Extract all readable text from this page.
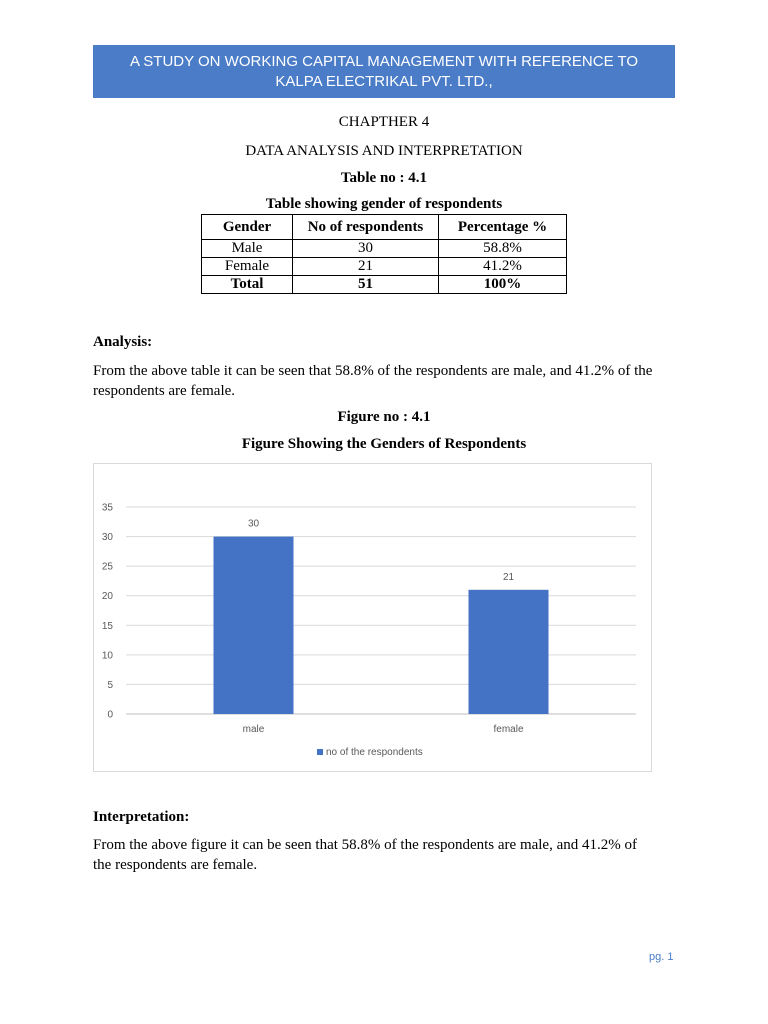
A STUDY ON WORKING CAPITAL MANAGEMENT WITH REFERENCE TO
KALPA ELECTRIKAL PVT. LTD.,
CHAPTHER 4
DATA ANALYSIS AND INTERPRETATION
Table no : 4.1
Table showing gender of respondents
Gender	No of respondents	Percentage %
Male	30	58.8%
Female	21	41.2%
Total	51	100%
Analysis:
From the above table it can be seen that 58.8% of the respondents are male, and 41.2% of the
respondents are female.
Figure no : 4.1
Figure Showing the Genders of Respondents
0
5
10
15
20
25
30
35
30
male
21
female
no of the respondents
Interpretation:
From the above figure it can be seen that 58.8% of the respondents are male, and 41.2% of
the respondents are female.
pg. 1
